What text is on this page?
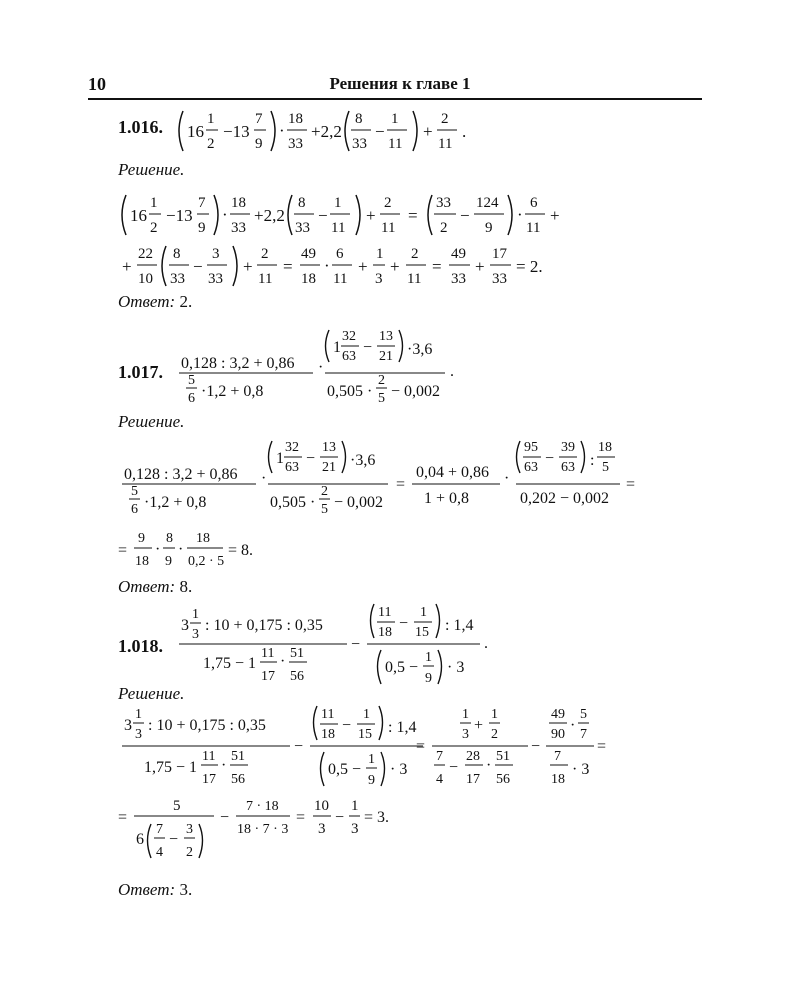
10	Решения к главе 1
1.016. 16
1
2
−13
7
9
·
18
33
+2,2
8
33
−
1
11
+
2
11
.
Решение.
16
1
2
−13
7
9
·
18
33
+2,2
8
33
−
1
11
+
2
11
=
33
2
−
124
9
·
6
11
+
+
22
10
8
33
−
3
33
+
2
11
=
49
18
·
6
11
+
1
3
+
2
11
=
49
33
+
17
33
= 2.
Ответ: 2.
1.017. 0,128 : 3,2 + 0,86
5
6 ·1,2 + 0,8
·
1
32
63
−
13
21 ·3,6
0,505 ·
2
5 − 0,002
.
Решение.
0,128 : 3,2 + 0,86
5
6 ·1,2 + 0,8
·
1
32
63
−
13
21 ·3,6
0,505 ·
2
5 − 0,002
=
0,04 + 0,86
1 + 0,8
·
95
63
−
39
63 :
18
5
0,202 − 0,002
=
=
9
18
·
8
9
·
18
0,2 · 5
= 8.
Ответ: 8.
1.018.
3
1
3
: 10 + 0,175 : 0,35
1,75 − 1
11
17
· 51
56
−
11
18
−
1
15 : 1,4
0,5 −
1
9
· 3
.
Решение.
3
1
3
: 10 + 0,175 : 0,35
1,75 − 1
11
17
·
51
56
−
11
18
−
1
15 : 1,4
0,5 −
1
9
· 3
=
1
3
+
1
2
7
4
−
28
17
·
51
56
−
49
90
·
5
7
7
18
· 3
=
=
5
6
7
4
−
3
2
−
7 · 18
18 · 7 · 3
=
10
3
−
1
3
= 3.
Ответ: 3.
